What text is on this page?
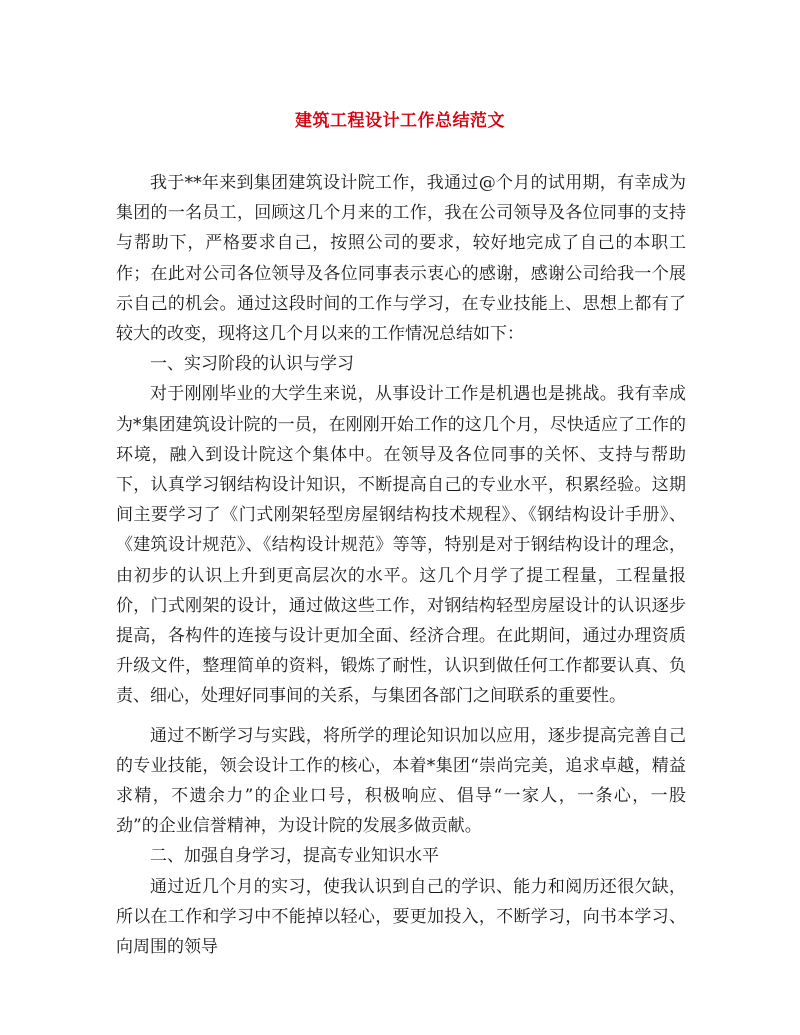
建筑工程设计工作总结范文

我于**年来到集团建筑设计院工作，我通过@个月的试用期，有幸成为集团的一名员工，回顾这几个月来的工作，我在公司领导及各位同事的支持与帮助下，严格要求自己，按照公司的要求，较好地完成了自己的本职工作；在此对公司各位领导及各位同事表示衷心的感谢，感谢公司给我一个展示自己的机会。通过这段时间的工作与学习，在专业技能上、思想上都有了较大的改变，现将这几个月以来的工作情况总结如下：

一、实习阶段的认识与学习

对于刚刚毕业的大学生来说，从事设计工作是机遇也是挑战。我有幸成为*集团建筑设计院的一员，在刚刚开始工作的这几个月，尽快适应了工作的环境，融入到设计院这个集体中。在领导及各位同事的关怀、支持与帮助下，认真学习钢结构设计知识，不断提高自己的专业水平，积累经验。这期间主要学习了《门式刚架轻型房屋钢结构技术规程》、《钢结构设计手册》、《建筑设计规范》、《结构设计规范》等等，特别是对于钢结构设计的理念，由初步的认识上升到更高层次的水平。这几个月学了提工程量，工程量报价，门式刚架的设计，通过做这些工作，对钢结构轻型房屋设计的认识逐步提高，各构件的连接与设计更加全面、经济合理。在此期间，通过办理资质升级文件，整理简单的资料，锻炼了耐性，认识到做任何工作都要认真、负责、细心，处理好同事间的关系，与集团各部门之间联系的重要性。

通过不断学习与实践，将所学的理论知识加以应用，逐步提高完善自己的专业技能，领会设计工作的核心，本着*集团“崇尚完美，追求卓越，精益求精，不遗余力”的企业口号，积极响应、倡导“一家人，一条心，一股劲”的企业信誉精神，为设计院的发展多做贡献。

二、加强自身学习，提高专业知识水平

通过近几个月的实习，使我认识到自己的学识、能力和阅历还很欠缺，所以在工作和学习中不能掉以轻心，要更加投入，不断学习，向书本学习、向周围的领导
